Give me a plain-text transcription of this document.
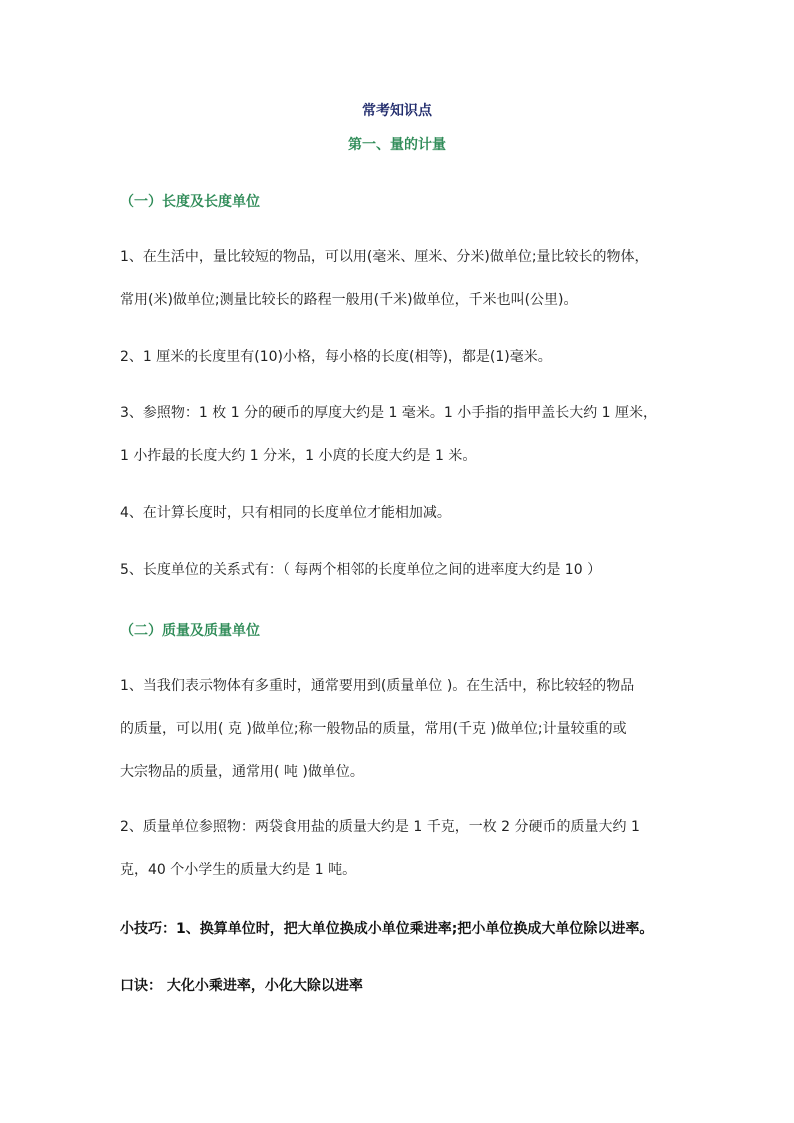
常考知识点
第一、量的计量
（一）长度及长度单位

1、在生活中，量比较短的物品，可以用(毫米、厘米、分米)做单位;量比较长的物体，

常用(米)做单位;测量比较长的路程一般用(千米)做单位，千米也叫(公里)。

2、1 厘米的长度里有(10)小格，每小格的长度(相等)，都是(1)毫米。

3、参照物：1 枚 1 分的硬币的厚度大约是 1 毫米。1 小手指的指甲盖长大约 1 厘米，

1 小拃最的长度大约 1 分米，1 小庹的长度大约是 1 米。

4、在计算长度时，只有相同的长度单位才能相加减。

5、长度单位的关系式有：（ 每两个相邻的长度单位之间的进率度大约是 10 ）

（二）质量及质量单位

1、当我们表示物体有多重时，通常要用到(质量单位 )。在生活中，称比较轻的物品

的质量，可以用( 克 )做单位;称一般物品的质量，常用(千克 )做单位;计量较重的或

大宗物品的质量，通常用( 吨 )做单位。

2、质量单位参照物：两袋食用盐的质量大约是 1 千克，一枚 2 分硬币的质量大约 1

克，40 个小学生的质量大约是 1 吨。

小技巧：1、换算单位时，把大单位换成小单位乘进率;把小单位换成大单位除以进率。
口诀： 大化小乘进率，小化大除以进率
